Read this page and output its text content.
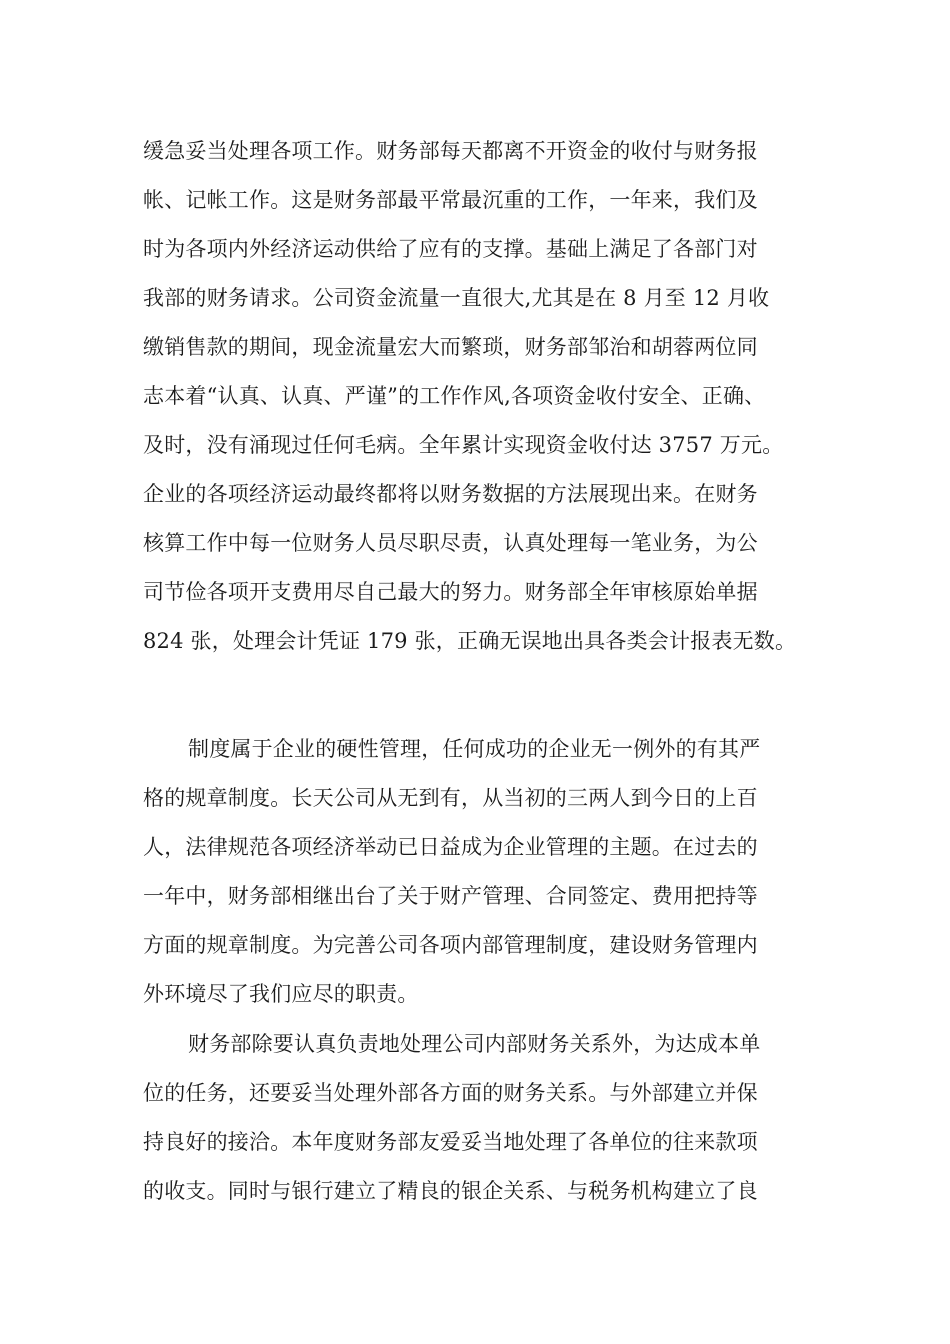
缓急妥当处理各项工作。财务部每天都离不开资金的收付与财务报
帐、记帐工作。这是财务部最平常最沉重的工作，一年来，我们及
时为各项内外经济运动供给了应有的支撑。基础上满足了各部门对
我部的财务请求。公司资金流量一直很大,尤其是在 8 月至 12 月收
缴销售款的期间，现金流量宏大而繁琐，财务部邹治和胡蓉两位同
志本着“认真、认真、严谨”的工作作风,各项资金收付安全、正确、
及时，没有涌现过任何毛病。全年累计实现资金收付达 3757 万元。
企业的各项经济运动最终都将以财务数据的方法展现出来。在财务
核算工作中每一位财务人员尽职尽责，认真处理每一笔业务，为公
司节俭各项开支费用尽自己最大的努力。财务部全年审核原始单据
824 张，处理会计凭证 179 张，正确无误地出具各类会计报表无数。
制度属于企业的硬性管理，任何成功的企业无一例外的有其严
格的规章制度。长天公司从无到有，从当初的三两人到今日的上百
人，法律规范各项经济举动已日益成为企业管理的主题。在过去的
一年中，财务部相继出台了关于财产管理、合同签定、费用把持等
方面的规章制度。为完善公司各项内部管理制度，建设财务管理内
外环境尽了我们应尽的职责。
财务部除要认真负责地处理公司内部财务关系外，为达成本单
位的任务，还要妥当处理外部各方面的财务关系。与外部建立并保
持良好的接洽。本年度财务部友爱妥当地处理了各单位的往来款项
的收支。同时与银行建立了精良的银企关系、与税务机构建立了良
